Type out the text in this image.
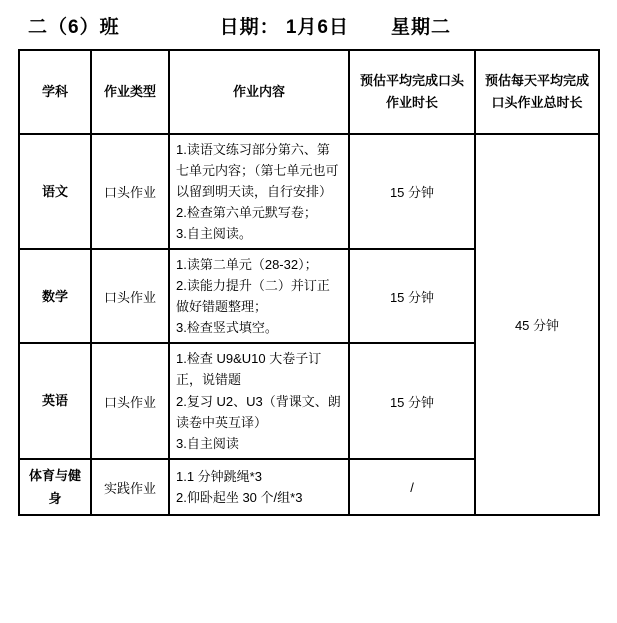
二（6）班	日期： 1月6日 星期二
学科	作业类型	作业内容	预估平均完成口头作业时长	预估每天平均完成口头作业总时长
语文	口头作业	1.读语文练习部分第六、第七单元内容；（第七单元也可以留到明天读，自行安排）
2.检查第六单元默写卷；
3.自主阅读。	15 分钟	45 分钟
数学	口头作业	1.读第二单元（28-32）；
2.读能力提升（二）并订正做好错题整理；
3.检查竖式填空。	15 分钟	
英语	口头作业	1.检查 U9&U10 大卷子订正，说错题
2.复习 U2、U3（背课文、朗读卷中英互译）
3.自主阅读	15 分钟	
体育与健身	实践作业	1.1 分钟跳绳*3
2.仰卧起坐 30 个/组*3	/	
